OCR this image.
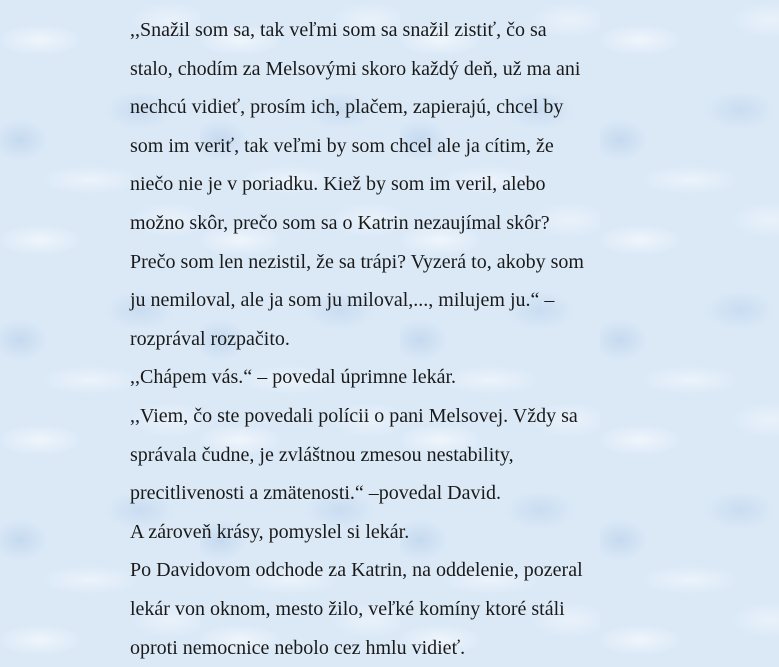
,,Snažil som sa, tak veľmi som sa snažil zistiť, čo sa
stalo, chodím za Melsovými skoro každý deň, už ma ani
nechcú vidieť, prosím ich, plačem, zapierajú, chcel by
som im veriť, tak veľmi by som chcel ale ja cítim, že
niečo nie je v poriadku. Kiež by som im veril, alebo
možno skôr, prečo som sa o Katrin nezaujímal skôr?
Prečo som len nezistil, že sa trápi? Vyzerá to, akoby som
ju nemiloval, ale ja som ju miloval,..., milujem ju.“ –
rozprával rozpačito.
,,Chápem vás.“ – povedal úprimne lekár.
,,Viem, čo ste povedali polícii o pani Melsovej. Vždy sa
správala čudne, je zvláštnou zmesou nestability,
precitlivenosti a zmätenosti.“ –povedal David.
A zároveň krásy, pomyslel si lekár.
Po Davidovom odchode za Katrin, na oddelenie, pozeral
lekár von oknom, mesto žilo, veľké komíny ktoré stáli
oproti nemocnice nebolo cez hmlu vidieť.
